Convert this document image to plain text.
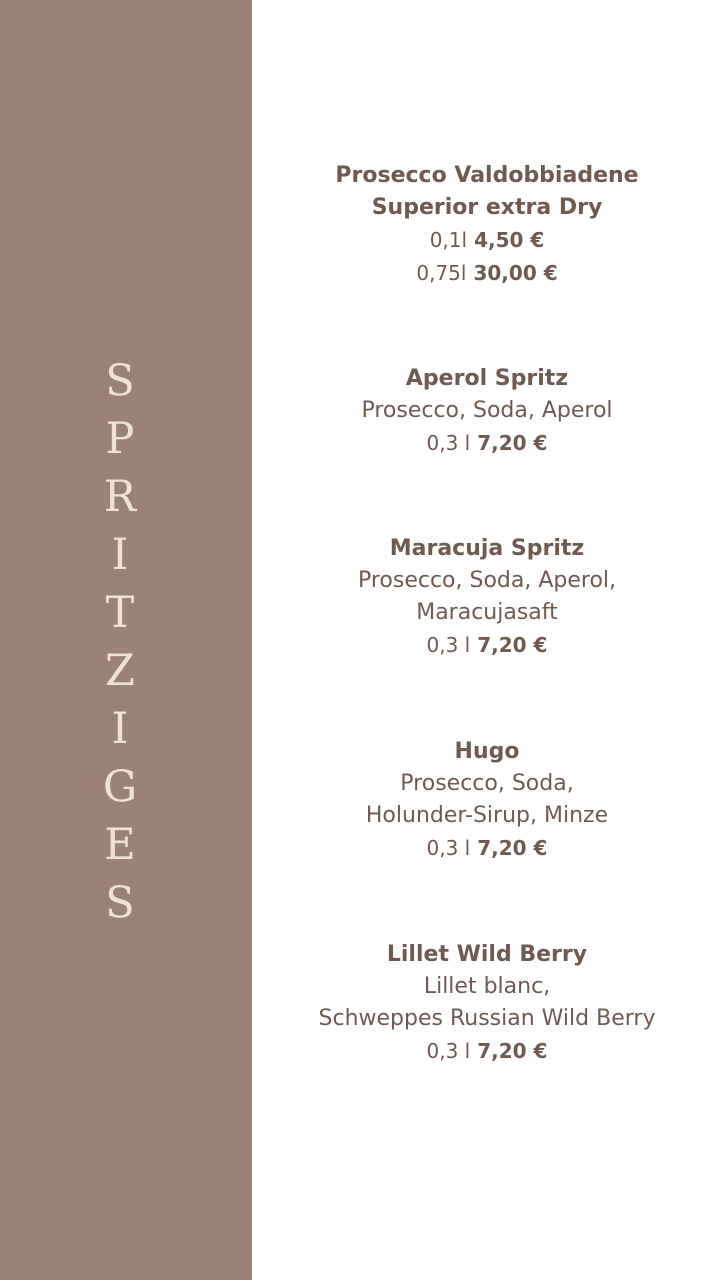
S
P
R
I
T
Z
I
G
E
S
Prosecco Valdobbiadene
Superior extra Dry
0,1l 4,50 €
0,75l 30,00 €
Aperol Spritz
Prosecco, Soda, Aperol
0,3 l 7,20 €
Maracuja Spritz
Prosecco, Soda, Aperol,
Maracujasaft
0,3 l 7,20 €
Hugo
Prosecco, Soda,
Holunder-Sirup, Minze
0,3 l 7,20 €
Lillet Wild Berry
Lillet blanc,
Schweppes Russian Wild Berry
0,3 l 7,20 €
